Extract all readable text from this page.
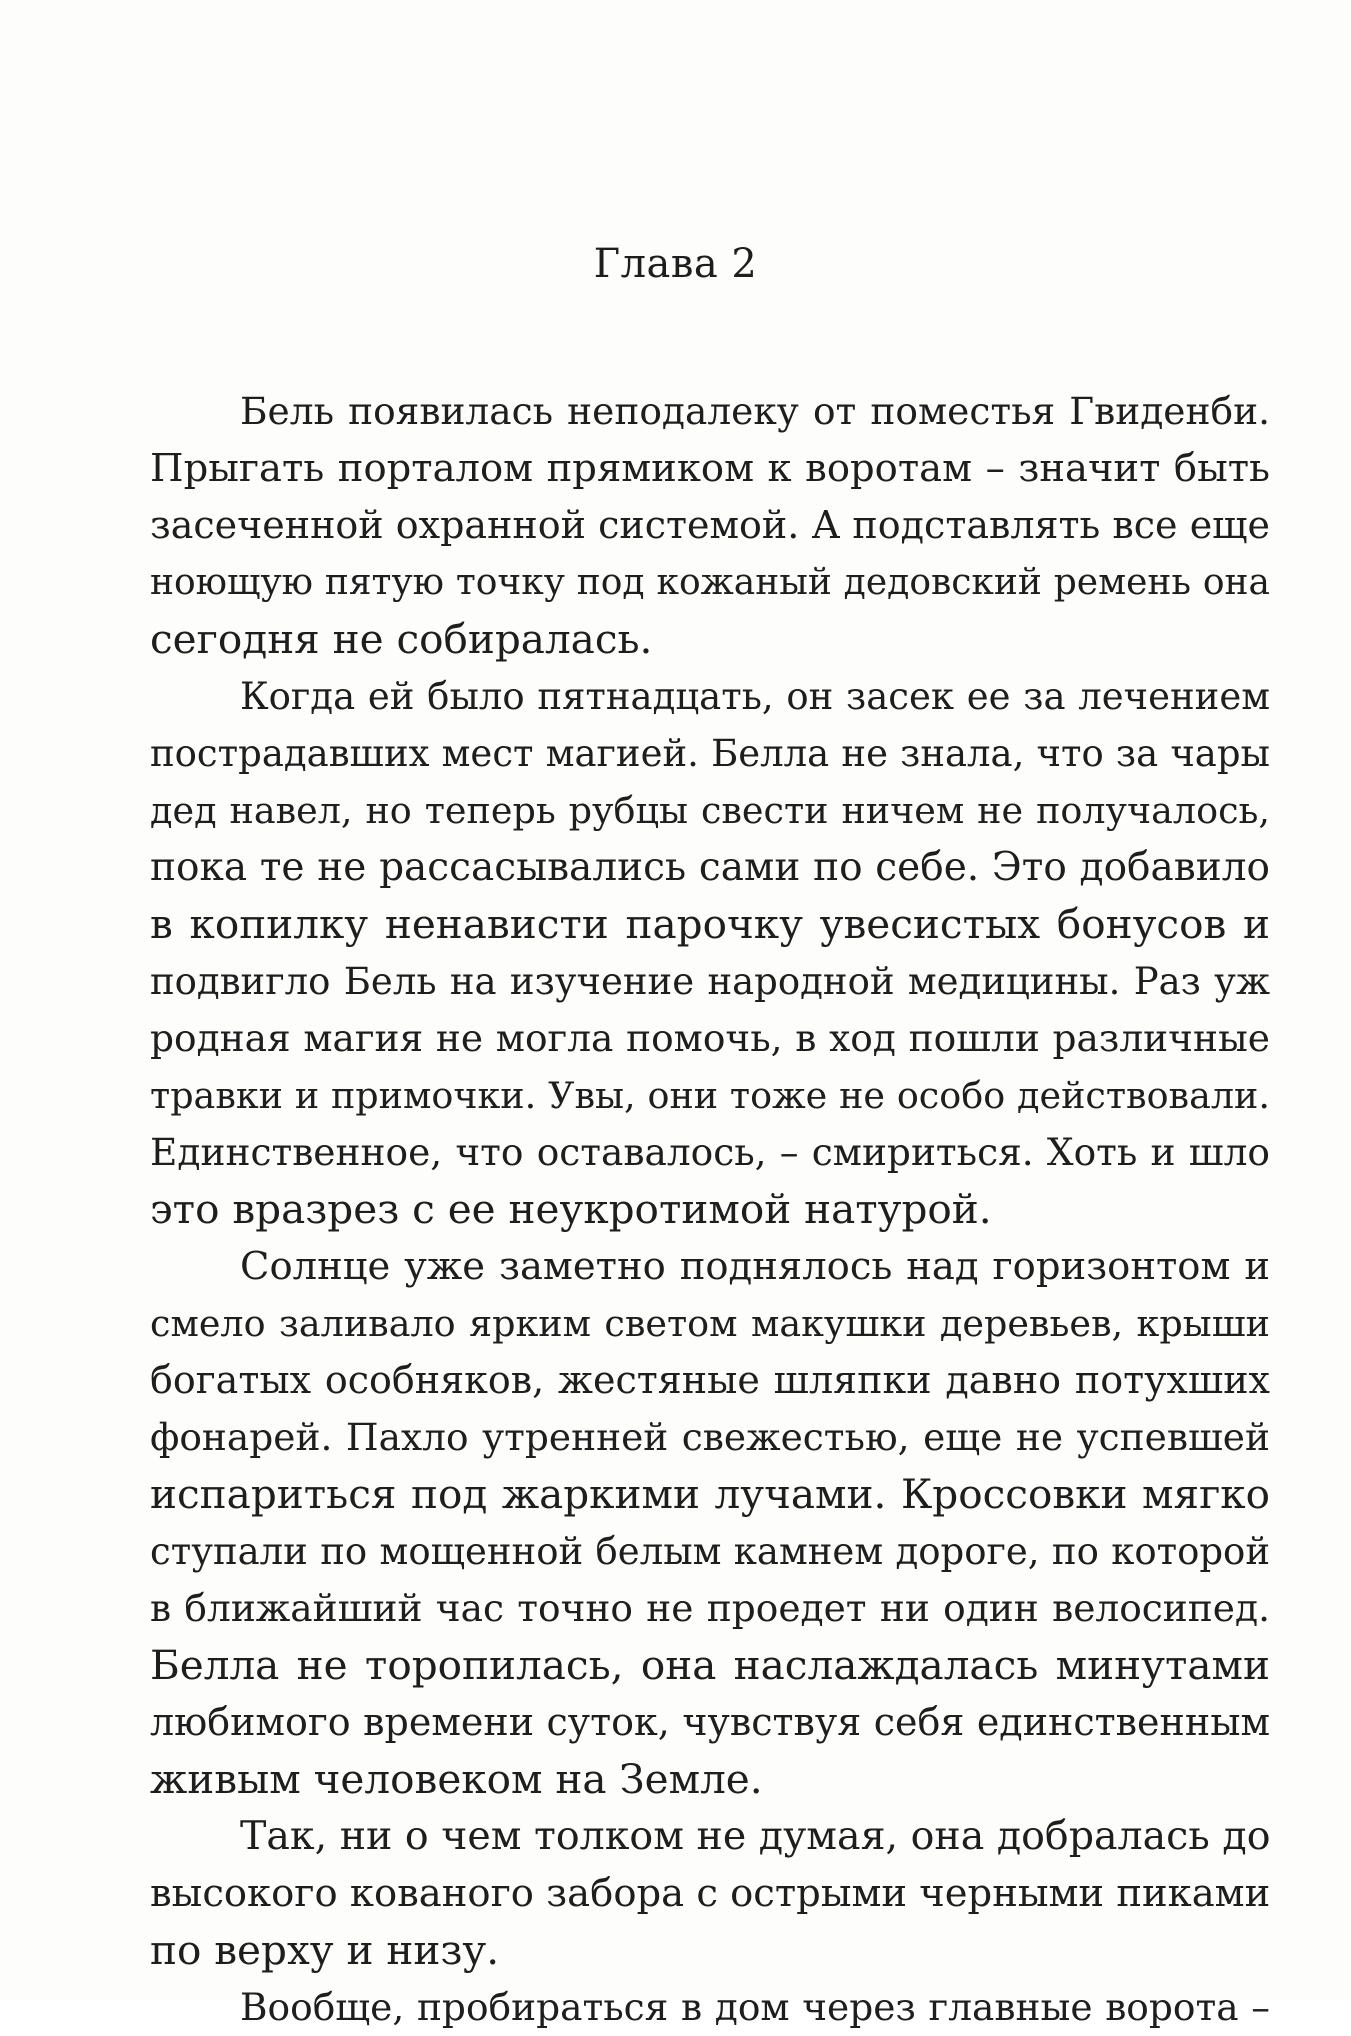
Глава 2
Бель появилась неподалеку от поместья Гвиденби.
Прыгать порталом прямиком к воротам – значит быть
засеченной охранной системой. А подставлять все еще
ноющую пятую точку под кожаный дедовский ремень она
сегодня не собиралась.
Когда ей было пятнадцать, он засек ее за лечением
пострадавших мест магией. Белла не знала, что за чары
дед навел, но теперь рубцы свести ничем не получалось,
пока те не рассасывались сами по себе. Это добавило
в копилку ненависти парочку увесистых бонусов и
подвигло Бель на изучение народной медицины. Раз уж
родная магия не могла помочь, в ход пошли различные
травки и примочки. Увы, они тоже не особо действовали.
Единственное, что оставалось, – смириться. Хоть и шло
это вразрез с ее неукротимой натурой.
Солнце уже заметно поднялось над горизонтом и
смело заливало ярким светом макушки деревьев, крыши
богатых особняков, жестяные шляпки давно потухших
фонарей. Пахло утренней свежестью, еще не успевшей
испариться под жаркими лучами. Кроссовки мягко
ступали по мощенной белым камнем дороге, по которой
в ближайший час точно не проедет ни один велосипед.
Белла не торопилась, она наслаждалась минутами
любимого времени суток, чувствуя себя единственным
живым человеком на Земле.
Так, ни о чем толком не думая, она добралась до
высокого кованого забора с острыми черными пиками
по верху и низу.
Вообще, пробираться в дом через главные ворота –
